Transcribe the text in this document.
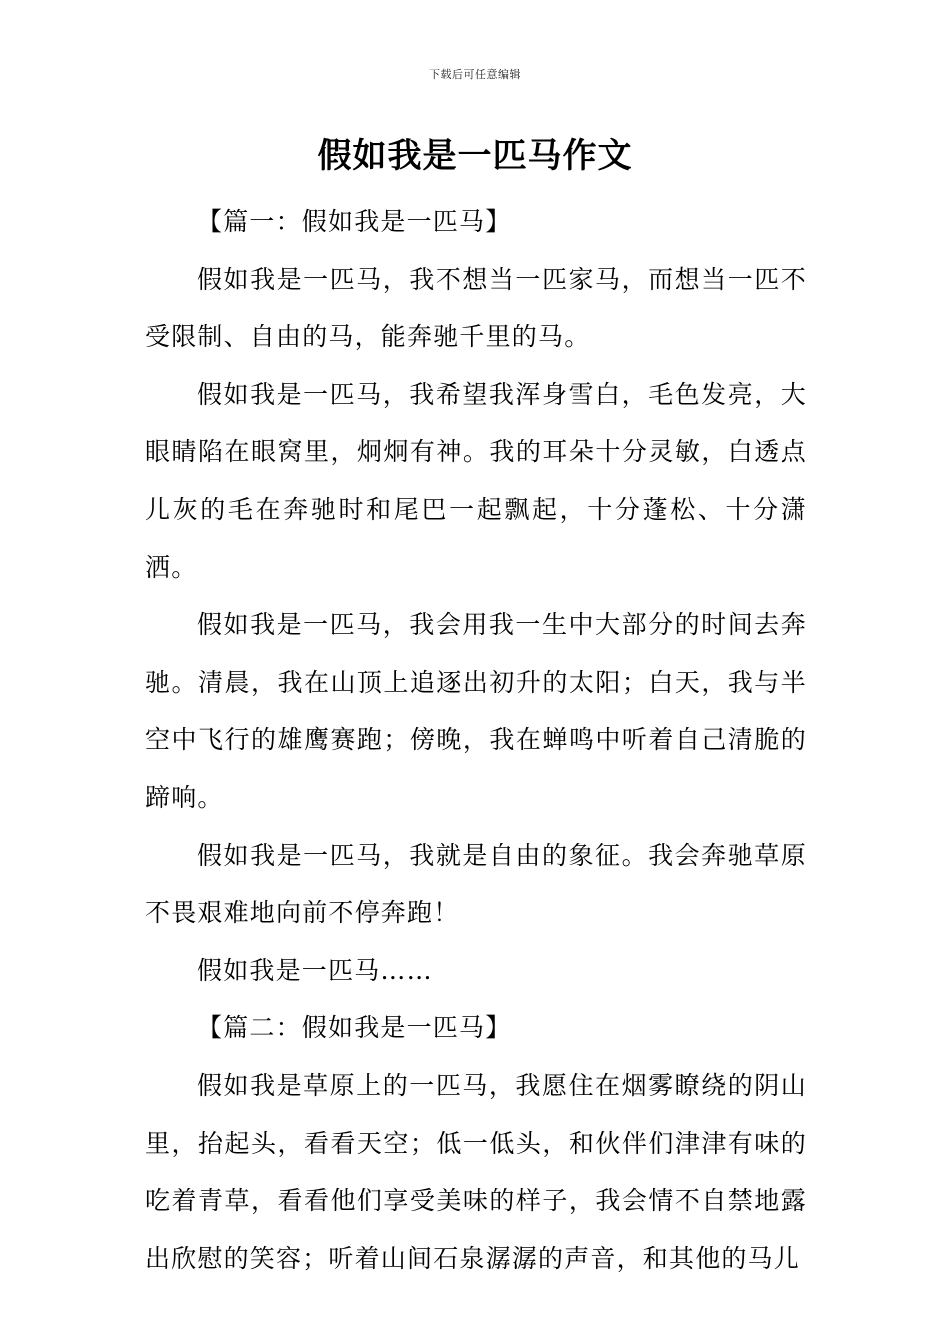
下载后可任意编辑
假如我是一匹马作文

【篇一：假如我是一匹马】

假如我是一匹马，我不想当一匹家马，而想当一匹不受限制、自由的马，能奔驰千里的马。

假如我是一匹马，我希望我浑身雪白，毛色发亮，大眼睛陷在眼窝里，炯炯有神。我的耳朵十分灵敏，白透点儿灰的毛在奔驰时和尾巴一起飘起，十分蓬松、十分潇洒。

假如我是一匹马，我会用我一生中大部分的时间去奔驰。清晨，我在山顶上追逐出初升的太阳；白天，我与半空中飞行的雄鹰赛跑；傍晚，我在蝉鸣中听着自己清脆的蹄响。

假如我是一匹马，我就是自由的象征。我会奔驰草原不畏艰难地向前不停奔跑！

假如我是一匹马……

【篇二：假如我是一匹马】

假如我是草原上的一匹马，我愿住在烟雾瞭绕的阴山里，抬起头，看看天空；低一低头，和伙伴们津津有味的吃着青草，看看他们享受美味的样子，我会情不自禁地露出欣慰的笑容；听着山间石泉潺潺的声音，和其他的马儿
